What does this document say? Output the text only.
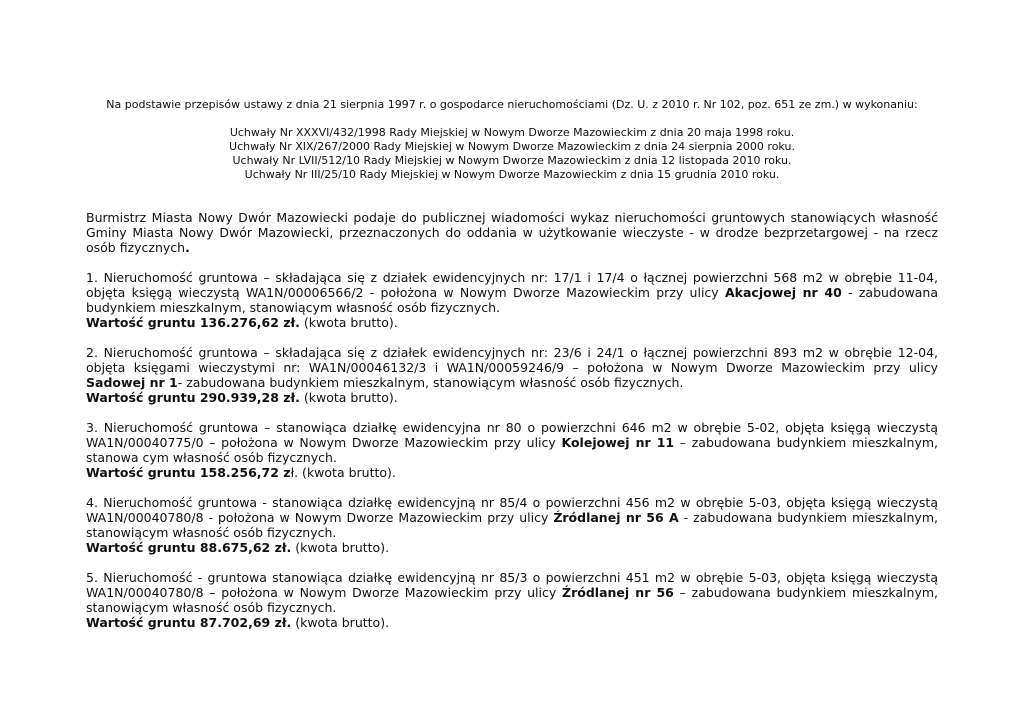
Na podstawie przepisów ustawy z dnia 21 sierpnia 1997 r. o gospodarce nieruchomościami (Dz. U. z 2010 r. Nr 102, poz. 651 ze zm.) w wykonaniu:
Uchwały Nr XXXVI/432/1998 Rady Miejskiej w Nowym Dworze Mazowieckim z dnia 20 maja 1998 roku.
Uchwały Nr XIX/267/2000 Rady Miejskiej w Nowym Dworze Mazowieckim z dnia 24 sierpnia 2000 roku.
Uchwały Nr LVII/512/10 Rady Miejskiej w Nowym Dworze Mazowieckim z dnia 12 listopada 2010 roku.
Uchwały Nr III/25/10 Rady Miejskiej w Nowym Dworze Mazowieckim z dnia 15 grudnia 2010 roku.

Burmistrz Miasta Nowy Dwór Mazowiecki podaje do publicznej wiadomości wykaz nieruchomości gruntowych stanowiących własność Gminy Miasta Nowy Dwór Mazowiecki, przeznaczonych do oddania w użytkowanie wieczyste - w drodze bezprzetargowej - na rzecz osób fizycznych.

1. Nieruchomość gruntowa – składająca się z działek ewidencyjnych nr: 17/1 i 17/4 o łącznej powierzchni 568 m2 w obrębie 11-04, objęta księgą wieczystą WA1N/00006566/2 - położona w Nowym Dworze Mazowieckim przy ulicy Akacjowej nr 40 - zabudowana budynkiem mieszkalnym, stanowiącym własność osób fizycznych.
Wartość gruntu 136.276,62 zł. (kwota brutto).

2. Nieruchomość gruntowa – składająca się z działek ewidencyjnych nr: 23/6 i 24/1 o łącznej powierzchni 893 m2 w obrębie 12-04, objęta księgami wieczystymi nr: WA1N/00046132/3 i WA1N/00059246/9 – położona w Nowym Dworze Mazowieckim przy ulicy Sadowej nr 1- zabudowana budynkiem mieszkalnym, stanowiącym własność osób fizycznych.
Wartość gruntu 290.939,28 zł. (kwota brutto).

3. Nieruchomość gruntowa – stanowiąca działkę ewidencyjna nr 80 o powierzchni 646 m2 w obrębie 5-02, objęta księgą wieczystą WA1N/00040775/0 – położona w Nowym Dworze Mazowieckim przy ulicy Kolejowej nr 11 – zabudowana budynkiem mieszkalnym, stanowa cym własność osób fizycznych.
Wartość gruntu 158.256,72 zł. (kwota brutto).

4. Nieruchomość gruntowa - stanowiąca działkę ewidencyjną nr 85/4 o powierzchni 456 m2 w obrębie 5-03, objęta księgą wieczystą WA1N/00040780/8 - położona w Nowym Dworze Mazowieckim przy ulicy Źródlanej nr 56 A - zabudowana budynkiem mieszkalnym, stanowiącym własność osób fizycznych.
Wartość gruntu 88.675,62 zł. (kwota brutto).

5. Nieruchomość - gruntowa stanowiąca działkę ewidencyjną nr 85/3 o powierzchni 451 m2 w obrębie 5-03, objęta księgą wieczystą WA1N/00040780/8 – położona w Nowym Dworze Mazowieckim przy ulicy Źródlanej nr 56 – zabudowana budynkiem mieszkalnym, stanowiącym własność osób fizycznych.
Wartość gruntu 87.702,69 zł. (kwota brutto).
